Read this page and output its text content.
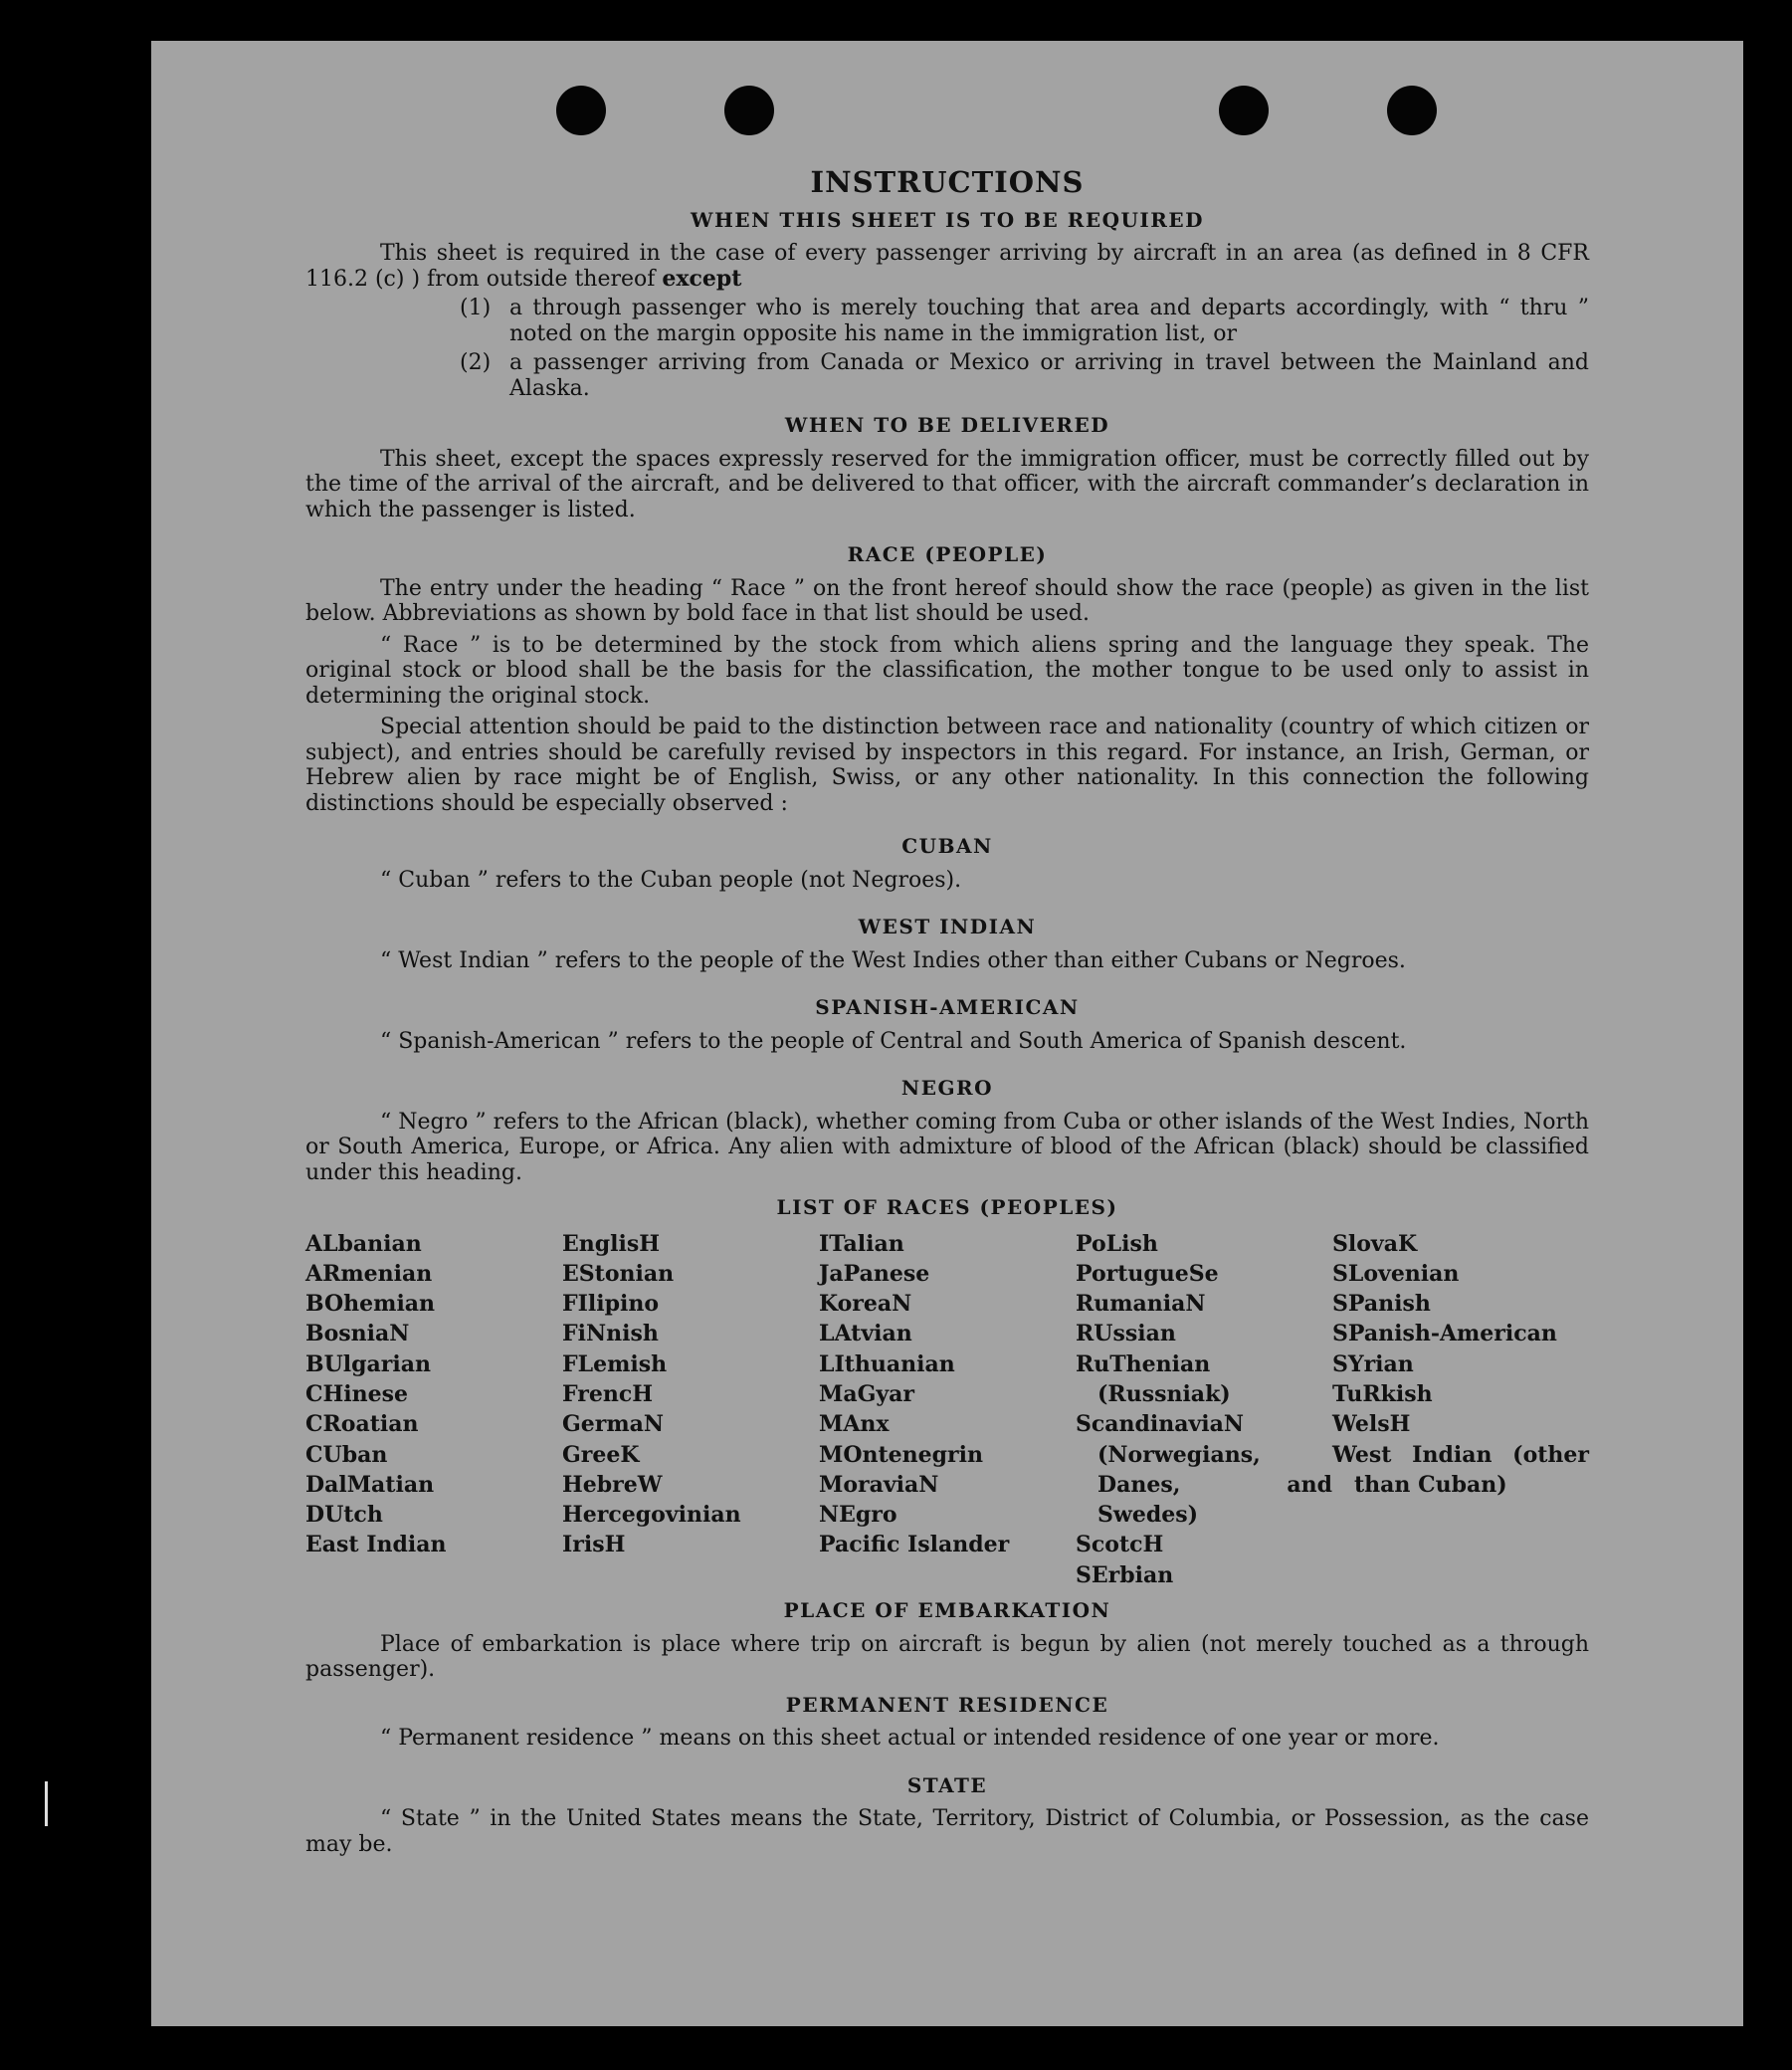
INSTRUCTIONS
WHEN THIS SHEET IS TO BE REQUIRED

This sheet is required in the case of every passenger arriving by aircraft in an area (as defined in 8 CFR 116.2 (c) ) from outside thereof except

(1) a through passenger who is merely touching that area and departs accordingly, with “ thru ” noted on the margin opposite his name in the immigration list, or
(2) a passenger arriving from Canada or Mexico or arriving in travel between the Mainland and Alaska.
WHEN TO BE DELIVERED

This sheet, except the spaces expressly reserved for the immigration officer, must be correctly filled out by the time of the arrival of the aircraft, and be delivered to that officer, with the aircraft commander’s declaration in which the passenger is listed.

RACE (PEOPLE)

The entry under the heading “ Race ” on the front hereof should show the race (people) as given in the list below. Abbreviations as shown by bold face in that list should be used.

“ Race ” is to be determined by the stock from which aliens spring and the language they speak. The original stock or blood shall be the basis for the classification, the mother tongue to be used only to assist in determining the original stock.

Special attention should be paid to the distinction between race and nationality (country of which citizen or subject), and entries should be carefully revised by inspectors in this regard. For instance, an Irish, German, or Hebrew alien by race might be of English, Swiss, or any other nationality. In this connection the following distinctions should be especially observed :

CUBAN

“ Cuban ” refers to the Cuban people (not Negroes).

WEST INDIAN

“ West Indian ” refers to the people of the West Indies other than either Cubans or Negroes.

SPANISH-AMERICAN

“ Spanish-American ” refers to the people of Central and South America of Spanish descent.

NEGRO

“ Negro ” refers to the African (black), whether coming from Cuba or other islands of the West Indies, North or South America, Europe, or Africa. Any alien with admixture of blood of the African (black) should be classified under this heading.

LIST OF RACES (PEOPLES)
ALbanian
ARmenian
BOhemian
BosniaN
BUlgarian
CHinese
CRoatian
CUban
DalMatian
DUtch
East Indian
EnglisH
EStonian
FIlipino
FiNnish
FLemish
FrencH
GermaN
GreeK
HebreW
Hercegovinian
IrisH
ITalian
JaPanese
KoreaN
LAtvian
LIthuanian
MaGyar
MAnx
MOntenegrin
MoraviaN
NEgro
Pacific Islander
PoLish
PortugueSe
RumaniaN
RUssian
RuThenian (Russniak)
ScandinaviaN (Norwegians, Danes, and Swedes)
ScotcH
SErbian
SlovaK
SLovenian
SPanish
SPanish-American
SYrian
TuRkish
WelsH
West Indian (other than Cuban)
PLACE OF EMBARKATION

Place of embarkation is place where trip on aircraft is begun by alien (not merely touched as a through passenger).

PERMANENT RESIDENCE

“ Permanent residence ” means on this sheet actual or intended residence of one year or more.

STATE

“ State ” in the United States means the State, Territory, District of Columbia, or Possession, as the case may be.
